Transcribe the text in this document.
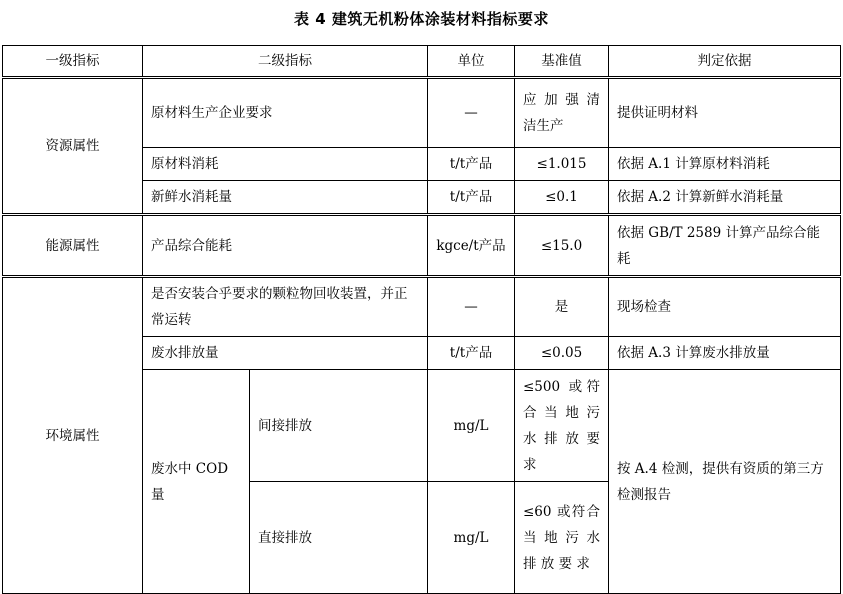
表 4 建筑无机粉体涂装材料指标要求
一级指标	二级指标		单位	基准值	判定依据
资源属性	原材料生产企业要求		—	应 加 强 清 洁生产	提供证明材料
	原材料消耗		t/t产品	≤1.015	依据 A.1 计算原材料消耗
	新鲜水消耗量		t/t产品	≤0.1	依据 A.2 计算新鲜水消耗量
能源属性	产品综合能耗		kgce/t产品	≤15.0	依据 GB/T 2589 计算产品综合能耗
环境属性	是否安装合乎要求的颗粒物回收装置，并正常运转		—	是	现场检查
	废水排放量		t/t产品	≤0.05	依据 A.3 计算废水排放量
	废水中 COD 量	间接排放	mg/L	≤500 或符合 当 地 污 水 排 放 要 求	按 A.4 检测，提供有资质的第三方检测报告
		直接排放	mg/L	≤60 或符合 当 地 污 水 排 放 要 求	
